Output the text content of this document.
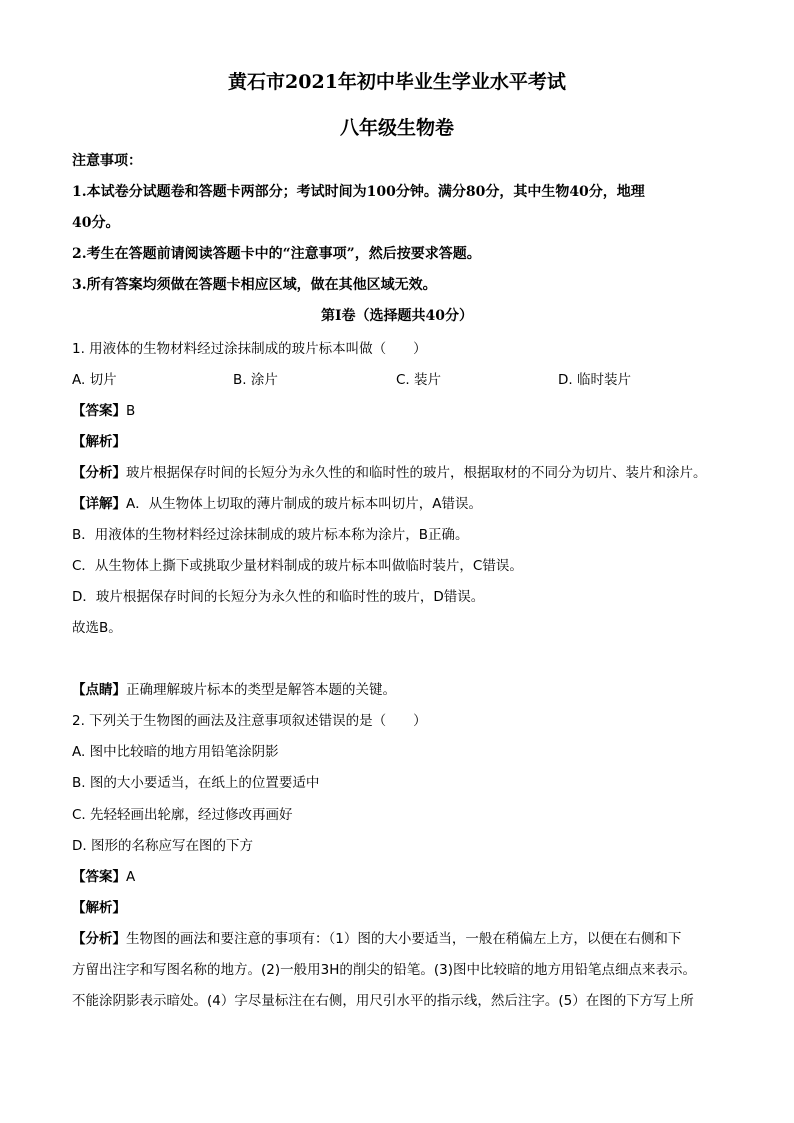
黄石市2021年初中毕业生学业水平考试
八年级生物卷
注意事项：
1.本试卷分试题卷和答题卡两部分；考试时间为100分钟。满分80分，其中生物40分，地理
40分。
2.考生在答题前请阅读答题卡中的“注意事项”，然后按要求答题。
3.所有答案均须做在答题卡相应区域，做在其他区域无效。
第I卷（选择题共40分）
1. 用液体的生物材料经过涂抹制成的玻片标本叫做（　　）
A. 切片	B. 涂片	C. 装片	D. 临时装片
【答案】B
【解析】
【分析】玻片根据保存时间的长短分为永久性的和临时性的玻片，根据取材的不同分为切片、装片和涂片。
【详解】A．从生物体上切取的薄片制成的玻片标本叫切片，A错误。
B．用液体的生物材料经过涂抹制成的玻片标本称为涂片，B正确。
C．从生物体上撕下或挑取少量材料制成的玻片标本叫做临时装片，C错误。
D．玻片根据保存时间的长短分为永久性的和临时性的玻片，D错误。
故选B。
【点睛】正确理解玻片标本的类型是解答本题的关键。
2. 下列关于生物图的画法及注意事项叙述错误的是（　　）
A. 图中比较暗的地方用铅笔涂阴影
B. 图的大小要适当，在纸上的位置要适中
C. 先轻轻画出轮廓，经过修改再画好
D. 图形的名称应写在图的下方
【答案】A
【解析】
【分析】生物图的画法和要注意的事项有：（1）图的大小要适当，一般在稍偏左上方，以便在右侧和下
方留出注字和写图名称的地方。(2)一般用3H的削尖的铅笔。(3)图中比较暗的地方用铅笔点细点来表示。
不能涂阴影表示暗处。(4）字尽量标注在右侧，用尺引水平的指示线，然后注字。(5）在图的下方写上所
